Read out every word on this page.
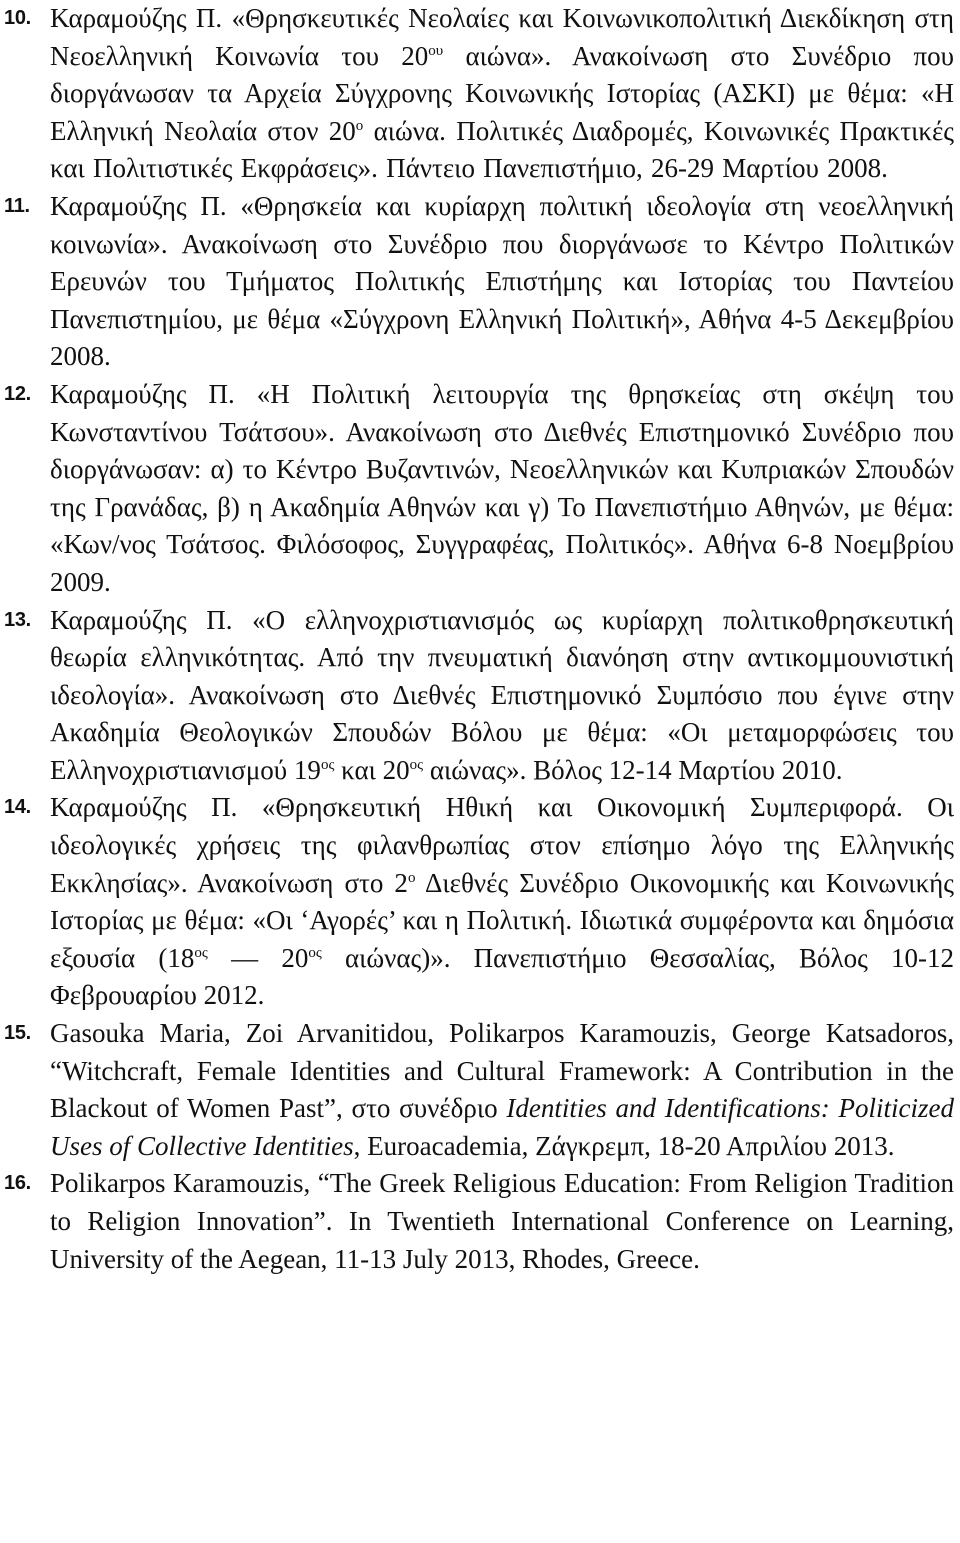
10. Καραμούζης Π. «Θρησκευτικές Νεολαίες και Κοινωνικοπολιτική Διεκδίκηση στη Νεοελληνική Κοινωνία του $20^{o\upsilon}$ αιώνα». Ανακοίνωση στο Συνέδριο που διοργάνωσαν τα Αρχεία Σύγχρονης Κοινωνικής Ιστορίας (ΑΣΚΙ) με θέμα: «Η Ελληνική Νεολαία στον $20^o$ αιώνα. Πολιτικές Διαδρομές, Κοινωνικές Πρακτικές και Πολιτιστικές Εκφράσεις». Πάντειο Πανεπιστήμιο, 26-29 Μαρτίου 2008.

11. Καραμούζης Π. «Θρησκεία και κυρίαρχη πολιτική ιδεολογία στη νεοελληνική κοινωνία». Ανακοίνωση στο Συνέδριο που διοργάνωσε το Κέντρο Πολιτικών Ερευνών του Τμήματος Πολιτικής Επιστήμης και Ιστορίας του Παντείου Πανεπιστημίου, με θέμα «Σύγχρονη Ελληνική Πολιτική», Αθήνα 4-5 Δεκεμβρίου 2008.

12. Καραμούζης Π. «Η Πολιτική λειτουργία της θρησκείας στη σκέψη του Κωνσταντίνου Τσάτσου». Ανακοίνωση στο Διεθνές Επιστημονικό Συνέδριο που διοργάνωσαν: α) το Κέντρο Βυζαντινών, Νεοελληνικών και Κυπριακών Σπουδών της Γρανάδας, β) η Ακαδημία Αθηνών και γ) Το Πανεπιστήμιο Αθηνών, με θέμα: «Κων/νος Τσάτσος. Φιλόσοφος, Συγγραφέας, Πολιτικός». Αθήνα 6-8 Νοεμβρίου 2009.

13. Καραμούζης Π. «Ο ελληνοχριστιανισμός ως κυρίαρχη πολιτικοθρησκευτική θεωρία ελληνικότητας. Από την πνευματική διανόηση στην αντικομμουνιστική ιδεολογία». Ανακοίνωση στο Διεθνές Επιστημονικό Συμπόσιο που έγινε στην Ακαδημία Θεολογικών Σπουδών Βόλου με θέμα: «Οι μεταμορφώσεις του Ελληνοχριστιανισμού $19^{o\varsigma}$ και $20^{o\varsigma}$ αιώνας». Βόλος 12-14 Μαρτίου 2010.

14. Καραμούζης Π. «Θρησκευτική Ηθική και Οικονομική Συμπεριφορά. Οι ιδεολογικές χρήσεις της φιλανθρωπίας στον επίσημο λόγο της Ελληνικής Εκκλησίας». Ανακοίνωση στο $2^o$ Διεθνές Συνέδριο Οικονομικής και Κοινωνικής Ιστορίας με θέμα: «Οι ‘Αγορές’ και η Πολιτική. Ιδιωτικά συμφέροντα και δημόσια εξουσία ($18^{o\varsigma}$ — $20^{o\varsigma}$ αιώνας)». Πανεπιστήμιο Θεσσαλίας, Βόλος 10-12 Φεβρουαρίου 2012.

15. Gasouka Maria, Zoi Arvanitidou, Polikarpos Karamouzis, George Katsadoros, “Witchcraft, Female Identities and Cultural Framework: A Contribution in the Blackout of Women Past”, στο συνέδριο Identities and Identifications: Politicized Uses of Collective Identities, Euroacademia, Ζάγκρεμπ, 18-20 Απριλίου 2013.

16. Polikarpos Karamouzis, “The Greek Religious Education: From Religion Tradition to Religion Innovation”. In Twentieth International Conference on Learning, University of the Aegean, 11-13 July 2013, Rhodes, Greece.
